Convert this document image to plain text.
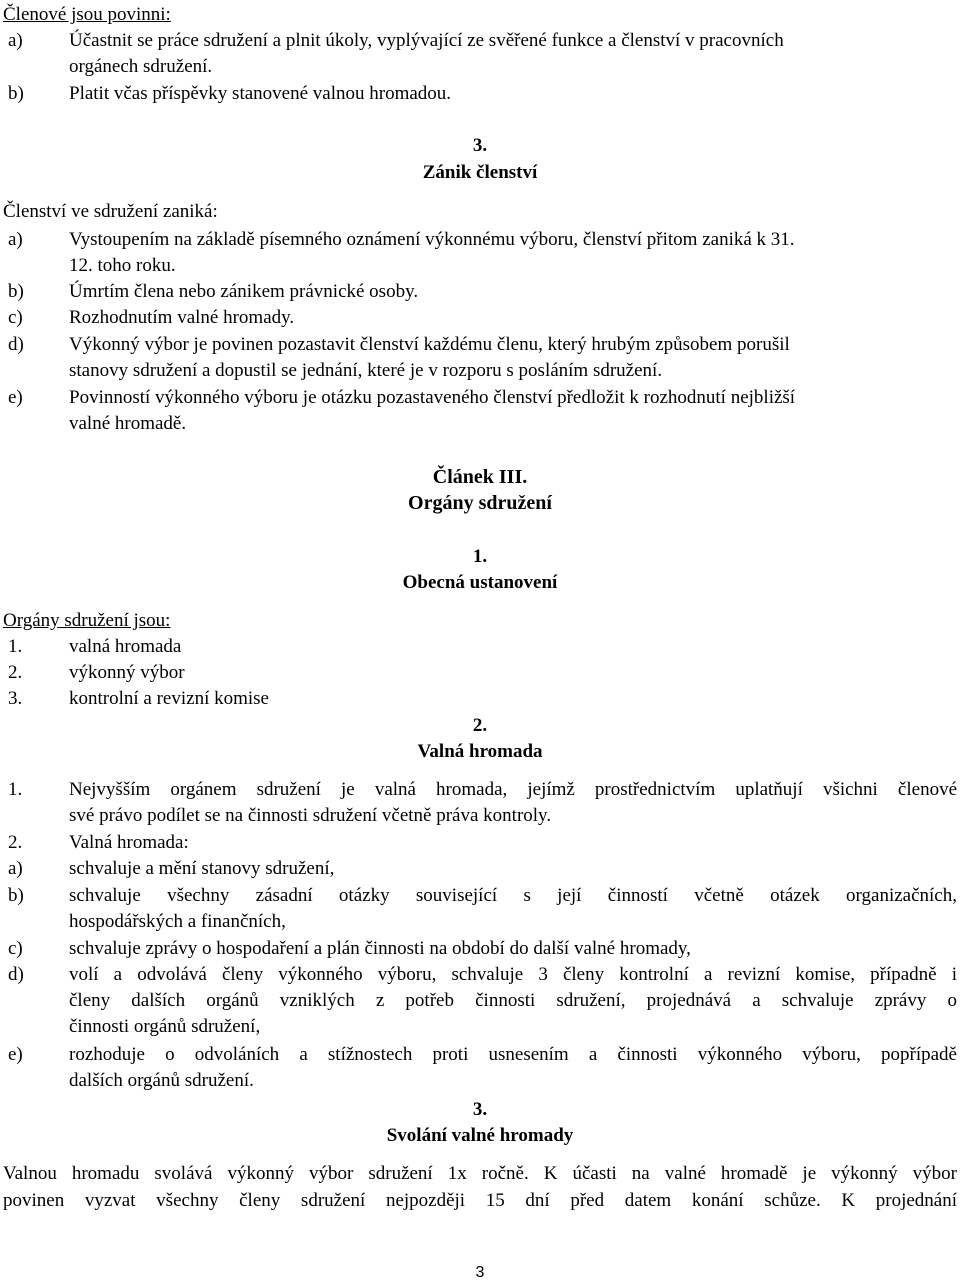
Členové jsou povinni:
a) Účastnit se práce sdružení a plnit úkoly, vyplývající ze svěřené funkce a členství v pracovních
orgánech sdružení.
b) Platit včas příspěvky stanovené valnou hromadou.
3.
Zánik členství
Členství ve sdružení zaniká:
a) Vystoupením na základě písemného oznámení výkonnému výboru, členství přitom zaniká k 31.
12. toho roku.
b) Úmrtím člena nebo zánikem právnické osoby.
c) Rozhodnutím valné hromady.
d) Výkonný výbor je povinen pozastavit členství každému členu, který hrubým způsobem porušil
stanovy sdružení a dopustil se jednání, které je v rozporu s posláním sdružení.
e) Povinností výkonného výboru je otázku pozastaveného členství předložit k rozhodnutí nejbližší
valné hromadě.
Článek III.
Orgány sdružení
1.
Obecná ustanovení
Orgány sdružení jsou:
1. valná hromada
2. výkonný výbor
3. kontrolní a revizní komise
2.
Valná hromada
1. Nejvyšším orgánem sdružení je valná hromada, jejímž prostřednictvím uplatňují všichni členové
své právo podílet se na činnosti sdružení včetně práva kontroly.
2. Valná hromada:
a) schvaluje a mění stanovy sdružení,
b) schvaluje všechny zásadní otázky související s její činností včetně otázek organizačních,
hospodářských a finančních,
c) schvaluje zprávy o hospodaření a plán činnosti na období do další valné hromady,
d) volí a odvolává členy výkonného výboru, schvaluje 3 členy kontrolní a revizní komise, případně i
členy dalších orgánů vzniklých z potřeb činnosti sdružení, projednává a schvaluje zprávy o
činnosti orgánů sdružení,
e) rozhoduje o odvoláních a stížnostech proti usnesením a činnosti výkonného výboru, popřípadě
dalších orgánů sdružení.
3.
Svolání valné hromady
Valnou hromadu svolává výkonný výbor sdružení 1x ročně. K účasti na valné hromadě je výkonný výbor
povinen vyzvat všechny členy sdružení nejpozději 15 dní před datem konání schůze. K projednání
3
